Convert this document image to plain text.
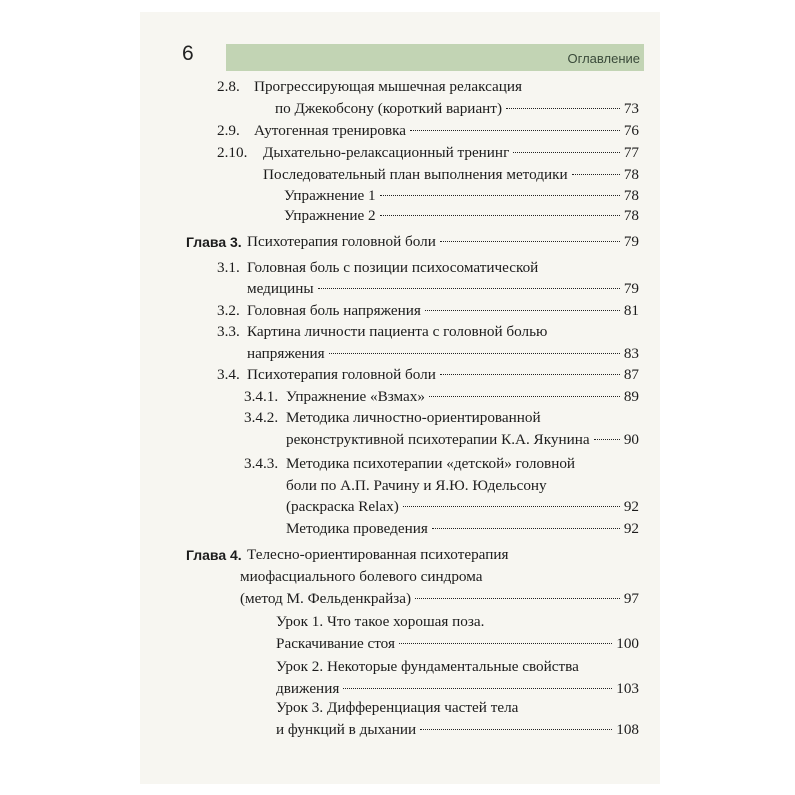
6	Оглавление
2.8. Прогрессирующая мышечная релаксация
по Джекобсону (короткий вариант)	73
2.9. Аутогенная тренировка	76
2.10. Дыхательно-релаксационный тренинг	77
Последовательный план выполнения методики	78
Упражнение 1	78
Упражнение 2	78
Глава 3. Психотерапия головной боли	79
3.1. Головная боль с позиции психосоматической
медицины	79
3.2. Головная боль напряжения	81
3.3. Картина личности пациента с головной болью
напряжения	83
3.4. Психотерапия головной боли	87
3.4.1. Упражнение «Взмах»	89
3.4.2. Методика личностно-ориентированной
реконструктивной психотерапии К.А. Якунина 90
3.4.3. Методика психотерапии «детской» головной
боли по А.П. Рачину и Я.Ю. Юдельсону
(раскраска Relax)	92
Методика проведения	92
Глава 4. Телесно-ориентированная психотерапия
миофасциального болевого синдрома
(метод М. Фельденкрайза)	97
Урок 1. Что такое хорошая поза.
Раскачивание стоя	100
Урок 2. Некоторые фундаментальные свойства
движения	103
Урок 3. Дифференциация частей тела
и функций в дыхании	108
